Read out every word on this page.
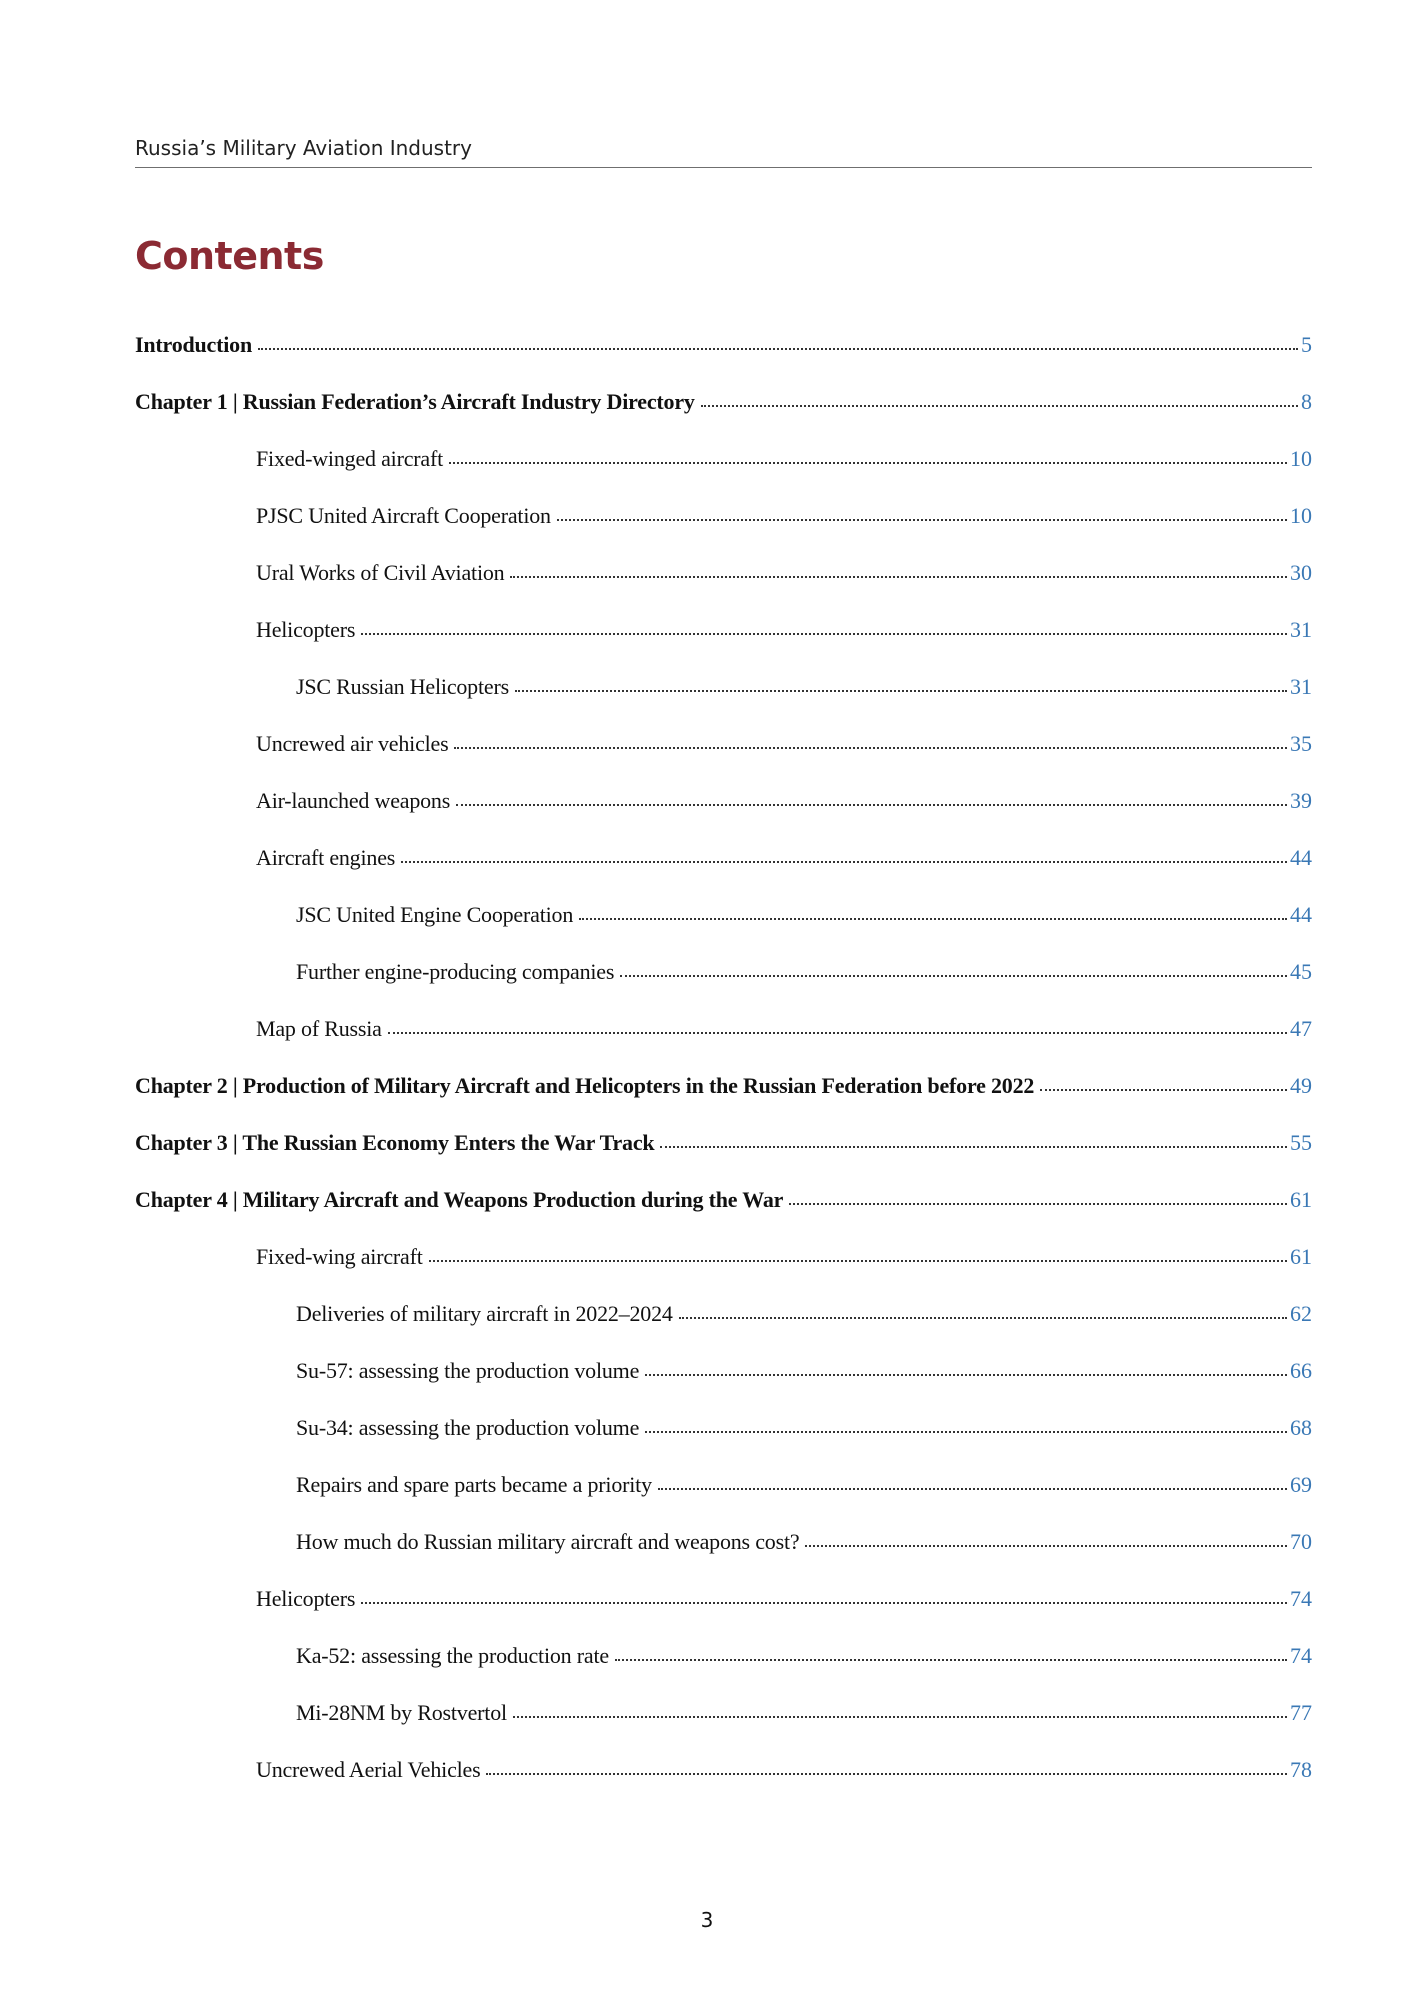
Russia’s Military Aviation Industry
Contents
Introduction	5
Chapter 1 | Russian Federation’s Aircraft Industry Directory	8
Fixed-winged aircraft	10
PJSC United Aircraft Cooperation	10
Ural Works of Civil Aviation	30
Helicopters	31
JSC Russian Helicopters	31
Uncrewed air vehicles	35
Air-launched weapons	39
Aircraft engines	44
JSC United Engine Cooperation	44
Further engine-producing companies	45
Map of Russia	47
Chapter 2 | Production of Military Aircraft and Helicopters in the Russian Federation before 2022	49
Chapter 3 | The Russian Economy Enters the War Track	55
Chapter 4 | Military Aircraft and Weapons Production during the War	61
Fixed-wing aircraft	61
Deliveries of military aircraft in 2022–2024	62
Su-57: assessing the production volume	66
Su-34: assessing the production volume	68
Repairs and spare parts became a priority	69
How much do Russian military aircraft and weapons cost?	70
Helicopters	74
Ka-52: assessing the production rate	74
Mi-28NM by Rostvertol	77
Uncrewed Aerial Vehicles	78
3
